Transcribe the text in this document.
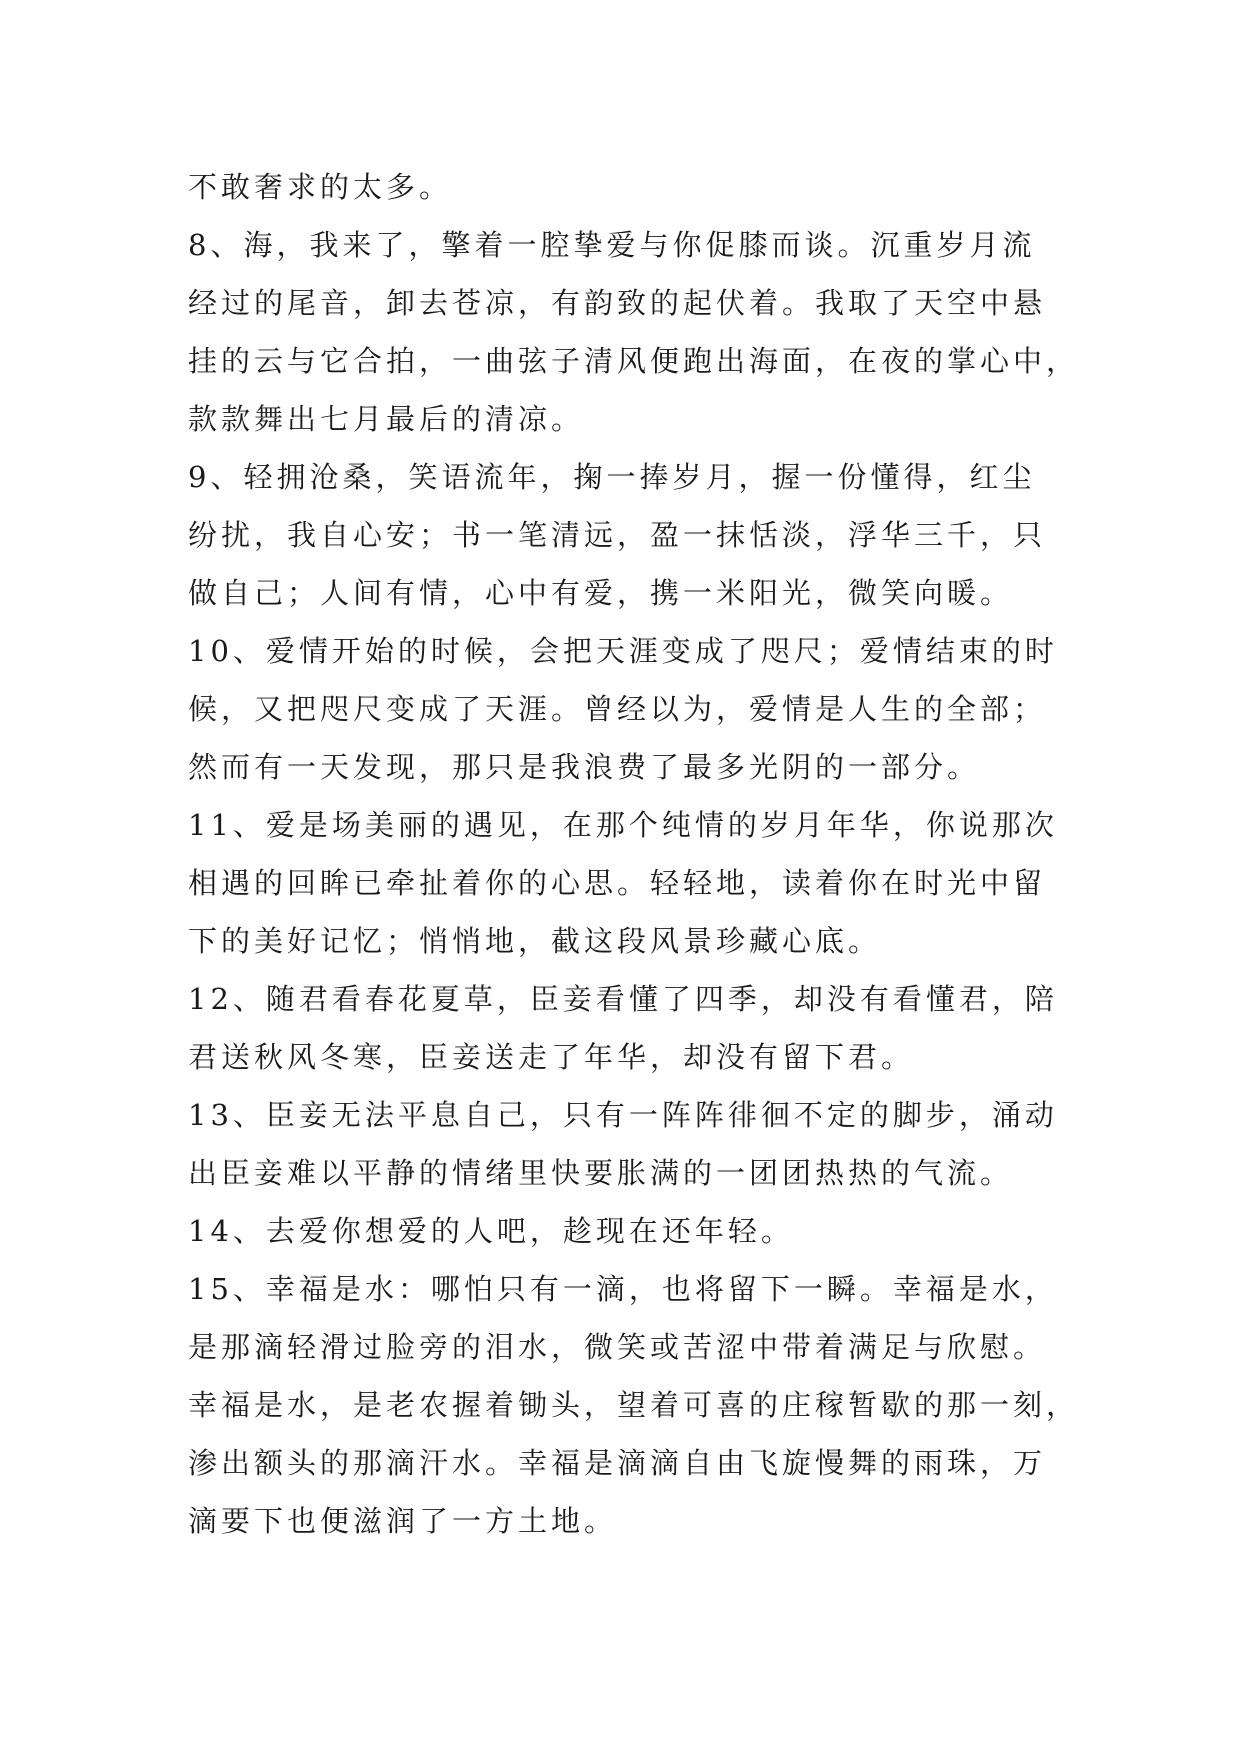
不敢奢求的太多。
8、海，我来了，擎着一腔挚爱与你促膝而谈。沉重岁月流
经过的尾音，卸去苍凉，有韵致的起伏着。我取了天空中悬
挂的云与它合拍，一曲弦子清风便跑出海面，在夜的掌心中，
款款舞出七月最后的清凉。
9、轻拥沧桑，笑语流年，掬一捧岁月，握一份懂得，红尘
纷扰，我自心安；书一笔清远，盈一抹恬淡，浮华三千，只
做自己；人间有情，心中有爱，携一米阳光，微笑向暖。
10、爱情开始的时候，会把天涯变成了咫尺；爱情结束的时
候，又把咫尺变成了天涯。曾经以为，爱情是人生的全部；
然而有一天发现，那只是我浪费了最多光阴的一部分。
11、爱是场美丽的遇见，在那个纯情的岁月年华，你说那次
相遇的回眸已牵扯着你的心思。轻轻地，读着你在时光中留
下的美好记忆；悄悄地，截这段风景珍藏心底。
12、随君看春花夏草，臣妾看懂了四季，却没有看懂君，陪
君送秋风冬寒，臣妾送走了年华，却没有留下君。
13、臣妾无法平息自己，只有一阵阵徘徊不定的脚步，涌动
出臣妾难以平静的情绪里快要胀满的一团团热热的气流。
14、去爱你想爱的人吧，趁现在还年轻。
15、幸福是水：哪怕只有一滴，也将留下一瞬。幸福是水，
是那滴轻滑过脸旁的泪水，微笑或苦涩中带着满足与欣慰。
幸福是水，是老农握着锄头，望着可喜的庄稼暂歇的那一刻，
渗出额头的那滴汗水。幸福是滴滴自由飞旋慢舞的雨珠，万
滴要下也便滋润了一方土地。
